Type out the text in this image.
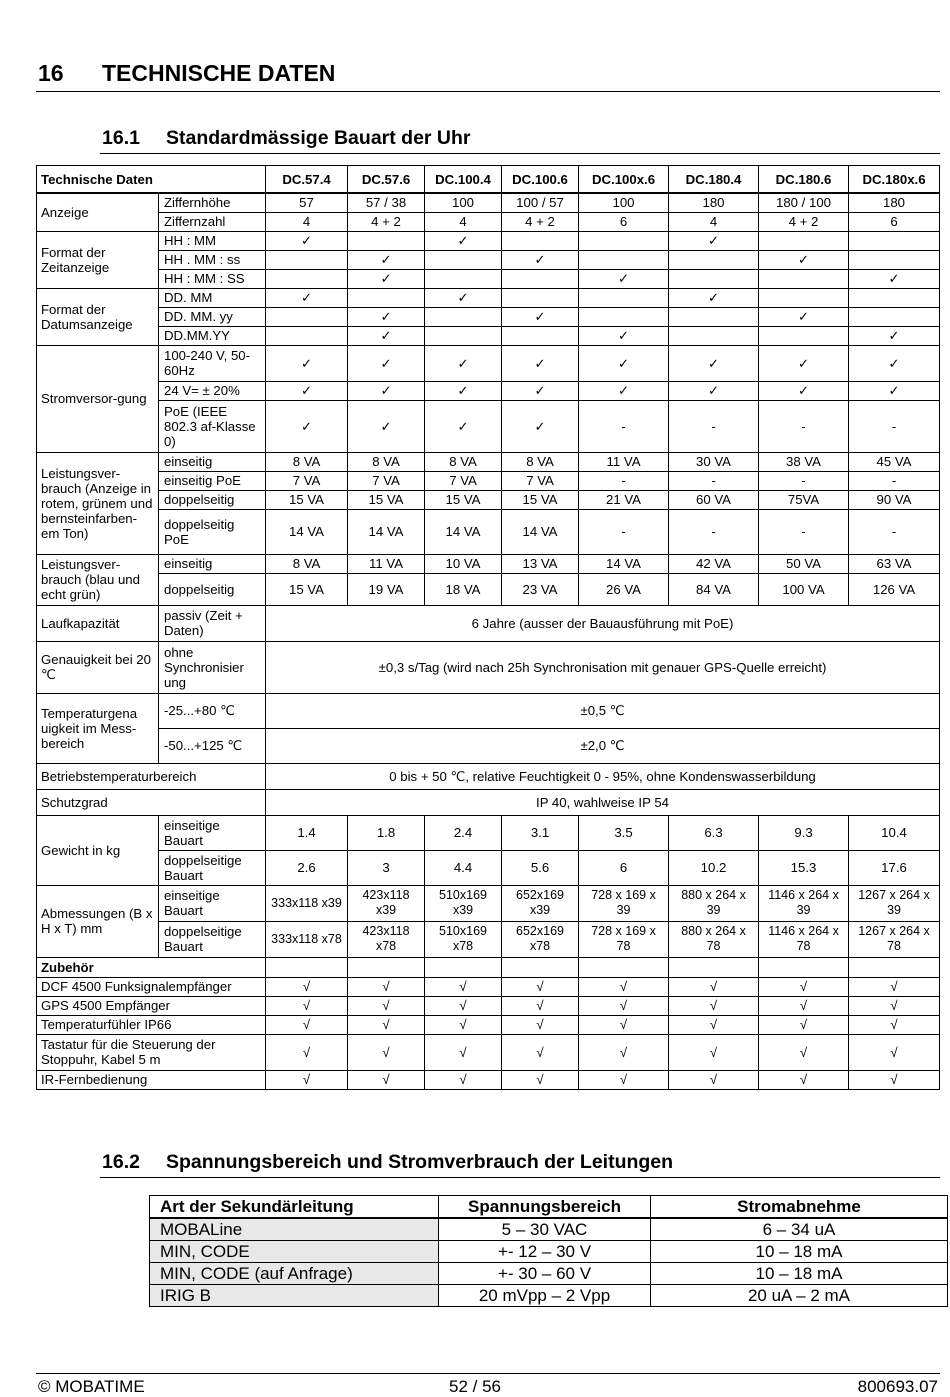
16 TECHNISCHE DATEN
16.1 Standardmässige Bauart der Uhr
Technische Daten		DC.57.4	DC.57.6	DC.100.4	DC.100.6	DC.100x.6	DC.180.4	DC.180.6	DC.180x.6
Anzeige	Ziffernhöhe	57	57 / 38	100	100 / 57	100	180	180 / 100	180
	Ziffernzahl	4	4 + 2	4	4 + 2	6	4	4 + 2	6
Format der Zeitanzeige	HH : MM	✓		✓			✓		
	HH . MM : ss		✓		✓			✓	
	HH : MM : SS		✓			✓			✓
Format der Datumsanzeige	DD. MM	✓		✓			✓		
	DD. MM. yy		✓		✓			✓	
	DD.MM.YY		✓			✓			✓
Stromversor-gung	100-240 V, 50-60Hz	✓	✓	✓	✓	✓	✓	✓	✓
	24 V= ± 20%	✓	✓	✓	✓	✓	✓	✓	✓
	PoE (IEEE 802.3 af-Klasse 0)	✓	✓	✓	✓	-	-	-	-
Leistungsver-brauch (Anzeige in rotem, grünem und bernsteinfarben-em Ton)	einseitig	8 VA	8 VA	8 VA	8 VA	11 VA	30 VA	38 VA	45 VA
	einseitig PoE	7 VA	7 VA	7 VA	7 VA	-	-	-	-
	doppelseitig	15 VA	15 VA	15 VA	15 VA	21 VA	60 VA	75VA	90 VA
	doppelseitig PoE	14 VA	14 VA	14 VA	14 VA	-	-	-	-
Leistungsver-brauch (blau und echt grün)	einseitig	8 VA	11 VA	10 VA	13 VA	14 VA	42 VA	50 VA	63 VA
	doppelseitig	15 VA	19 VA	18 VA	23 VA	26 VA	84 VA	100 VA	126 VA
Laufkapazität	passiv (Zeit + Daten)	6 Jahre (ausser der Bauausführung mit PoE)							
Genauigkeit bei 20 ℃	ohne Synchronisier ung	±0,3 s/Tag (wird nach 25h Synchronisation mit genauer GPS-Quelle erreicht)							
Temperaturgena uigkeit im Mess-bereich	-25...+80 ℃	±0,5 ℃							
	-50...+125 ℃	±2,0 ℃							
Betriebstemperaturbereich		0 bis + 50 ℃, relative Feuchtigkeit 0 - 95%, ohne Kondenswasserbildung							
Schutzgrad		IP 40, wahlweise IP 54							
Gewicht in kg	einseitige Bauart	1.4	1.8	2.4	3.1	3.5	6.3	9.3	10.4
	doppelseitige Bauart	2.6	3	4.4	5.6	6	10.2	15.3	17.6
Abmessungen (B x H x T) mm	einseitige Bauart	333x118 x39	423x118 x39	510x169 x39	652x169 x39	728 x 169 x 39	880 x 264 x 39	1146 x 264 x 39	1267 x 264 x 39
	doppelseitige Bauart	333x118 x78	423x118 x78	510x169 x78	652x169 x78	728 x 169 x 78	880 x 264 x 78	1146 x 264 x 78	1267 x 264 x 78
Zubehör									
DCF 4500 Funksignalempfänger		√	√	√	√	√	√	√	√
GPS 4500 Empfänger		√	√	√	√	√	√	√	√
Temperaturfühler IP66		√	√	√	√	√	√	√	√
Tastatur für die Steuerung der Stoppuhr, Kabel 5 m		√	√	√	√	√	√	√	√
IR-Fernbedienung		√	√	√	√	√	√	√	√
16.2 Spannungsbereich und Stromverbrauch der Leitungen
Art der Sekundärleitung	Spannungsbereich	Stromabnehme
MOBALine	5 – 30 VAC	6 – 34 uA
MIN, CODE	+- 12 – 30 V	10 – 18 mA
MIN, CODE (auf Anfrage)	+- 30 – 60 V	10 – 18 mA
IRIG B	20 mVpp – 2 Vpp	20 uA – 2 mA
© MOBATIME	52 / 56	800693.07
